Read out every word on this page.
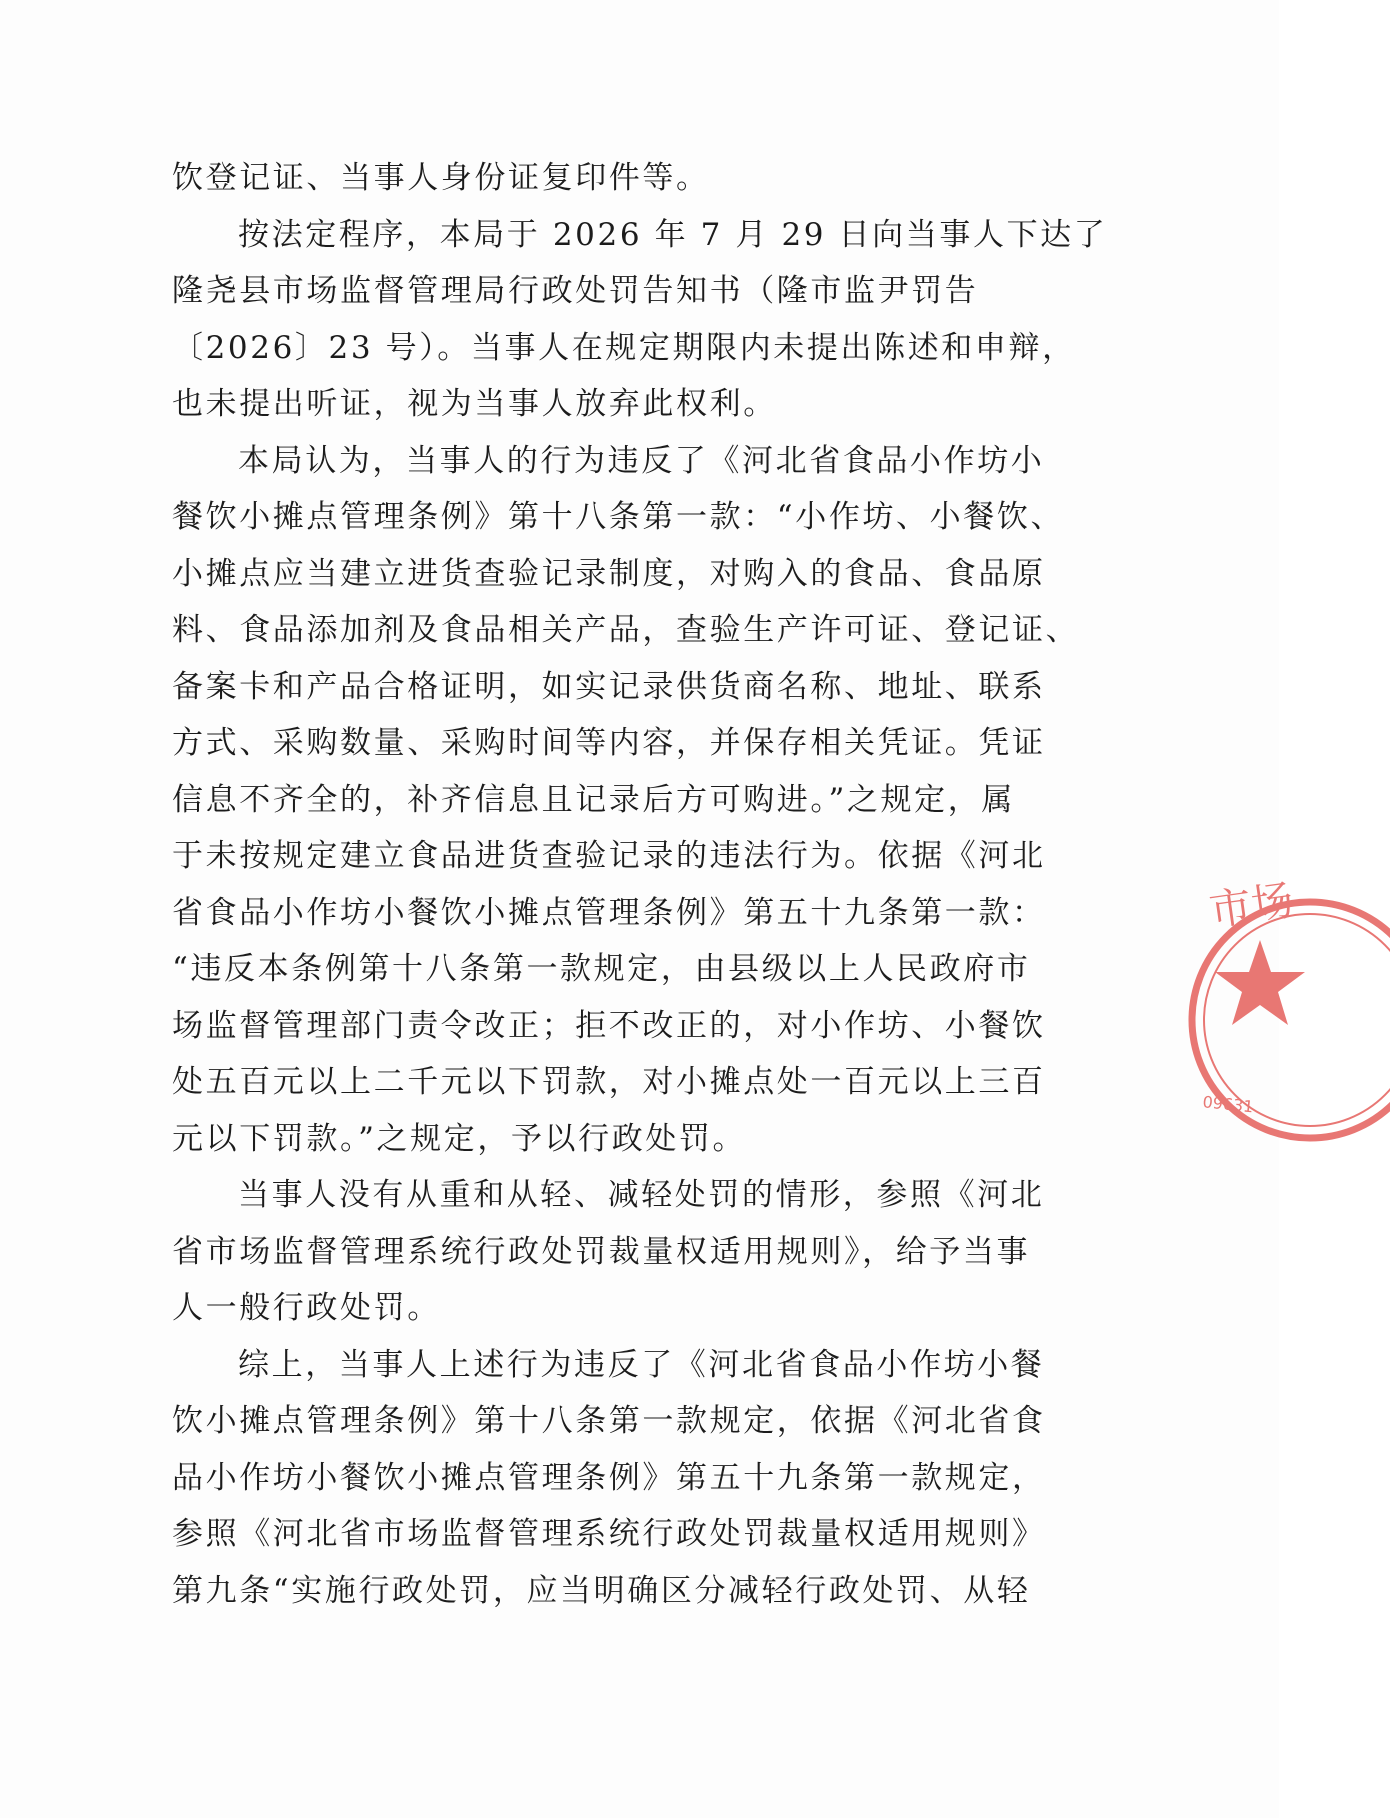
饮登记证、当事人身份证复印件等。
按法定程序，本局于 2026 年 7 月 29 日向当事人下达了
隆尧县市场监督管理局行政处罚告知书（隆市监尹罚告
〔2026〕23 号）。当事人在规定期限内未提出陈述和申辩，
也未提出听证，视为当事人放弃此权利。
本局认为，当事人的行为违反了《河北省食品小作坊小
餐饮小摊点管理条例》第十八条第一款：“小作坊、小餐饮、
小摊点应当建立进货查验记录制度，对购入的食品、食品原
料、食品添加剂及食品相关产品，查验生产许可证、登记证、
备案卡和产品合格证明，如实记录供货商名称、地址、联系
方式、采购数量、采购时间等内容，并保存相关凭证。凭证
信息不齐全的，补齐信息且记录后方可购进。”之规定，属
于未按规定建立食品进货查验记录的违法行为。依据《河北
省食品小作坊小餐饮小摊点管理条例》第五十九条第一款：
“违反本条例第十八条第一款规定，由县级以上人民政府市
场监督管理部门责令改正；拒不改正的，对小作坊、小餐饮
处五百元以上二千元以下罚款，对小摊点处一百元以上三百
元以下罚款。”之规定，予以行政处罚。
当事人没有从重和从轻、减轻处罚的情形，参照《河北
省市场监督管理系统行政处罚裁量权适用规则》，给予当事
人一般行政处罚。
综上，当事人上述行为违反了《河北省食品小作坊小餐
饮小摊点管理条例》第十八条第一款规定，依据《河北省食
品小作坊小餐饮小摊点管理条例》第五十九条第一款规定，
参照《河北省市场监督管理系统行政处罚裁量权适用规则》
第九条“实施行政处罚，应当明确区分减轻行政处罚、从轻
市场
09631
